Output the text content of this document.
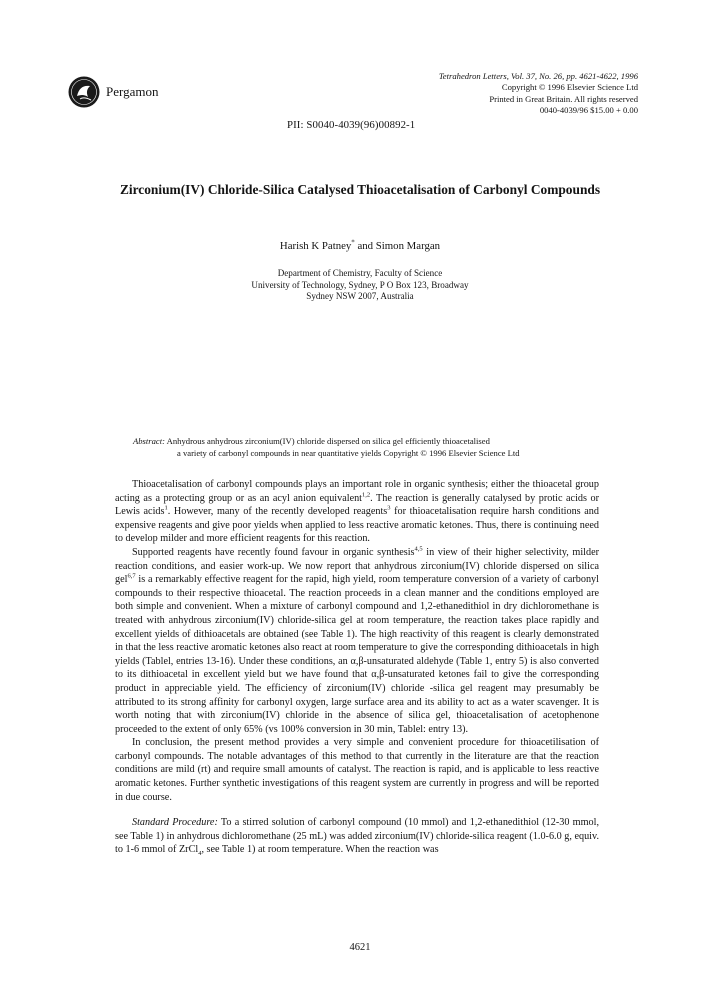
Pergamon
Tetrahedron Letters, Vol. 37, No. 26, pp. 4621-4622, 1996
Copyright © 1996 Elsevier Science Ltd
Printed in Great Britain. All rights reserved
0040-4039/96 $15.00 + 0.00
PII: S0040-4039(96)00892-1
Zirconium(IV) Chloride-Silica Catalysed Thioacetalisation of Carbonyl Compounds
Harish K Patney* and Simon Margan
Department of Chemistry, Faculty of Science
University of Technology, Sydney, P O Box 123, Broadway
Sydney NSW 2007, Australia
Abstract: Anhydrous anhydrous zirconium(IV) chloride dispersed on silica gel efficiently thioacetalised
a variety of carbonyl compounds in near quantitative yields Copyright © 1996 Elsevier Science Ltd

Thioacetalisation of carbonyl compounds plays an important role in organic synthesis; either the thioacetal group acting as a protecting group or as an acyl anion equivalent$^{1,2}$. The reaction is generally catalysed by protic acids or Lewis acids$^1$. However, many of the recently developed reagents$^3$ for thioacetalisation require harsh conditions and expensive reagents and give poor yields when applied to less reactive aromatic ketones. Thus, there is continuing need to develop milder and more efficient reagents for this reaction.

Supported reagents have recently found favour in organic synthesis$^{4,5}$ in view of their higher selectivity, milder reaction conditions, and easier work-up. We now report that anhydrous zirconium(IV) chloride dispersed on silica gel$^{6,7}$ is a remarkably effective reagent for the rapid, high yield, room temperature conversion of a variety of carbonyl compounds to their respective thioacetal. The reaction proceeds in a clean manner and the conditions employed are both simple and convenient. When a mixture of carbonyl compound and 1,2-ethanedithiol in dry dichloromethane is treated with anhydrous zirconium(IV) chloride-silica gel at room temperature, the reaction takes place rapidly and excellent yields of dithioacetals are obtained (see Table 1). The high reactivity of this reagent is clearly demonstrated in that the less reactive aromatic ketones also react at room temperature to give the corresponding dithioacetals in high yields (Tablel, entries 13-16). Under these conditions, an α,β-unsaturated aldehyde (Table 1, entry 5) is also converted to its dithioacetal in excellent yield but we have found that α,β-unsaturated ketones fail to give the corresponding product in appreciable yield. The efficiency of zirconium(IV) chloride -silica gel reagent may presumably be attributed to its strong affinity for carbonyl oxygen, large surface area and its ability to act as a water scavenger. It is worth noting that with zirconium(IV) chloride in the absence of silica gel, thioacetalisation of acetophenone proceeded to the extent of only 65% (vs 100% conversion in 30 min, Tablel: entry 13).

In conclusion, the present method provides a very simple and convenient procedure for thioacetilisation of carbonyl compounds. The notable advantages of this method to that currently in the literature are that the reaction conditions are mild (rt) and require small amounts of catalyst. The reaction is rapid, and is applicable to less reactive aromatic ketones. Further synthetic investigations of this reagent system are currently in progress and will be reported in due course.

Standard Procedure: To a stirred solution of carbonyl compound (10 mmol) and 1,2-ethanedithiol (12-30 mmol, see Table 1) in anhydrous dichloromethane (25 mL) was added zirconium(IV) chloride-silica reagent (1.0-6.0 g, equiv. to 1-6 mmol of ZrCl$_4$, see Table 1) at room temperature. When the reaction was

4621
